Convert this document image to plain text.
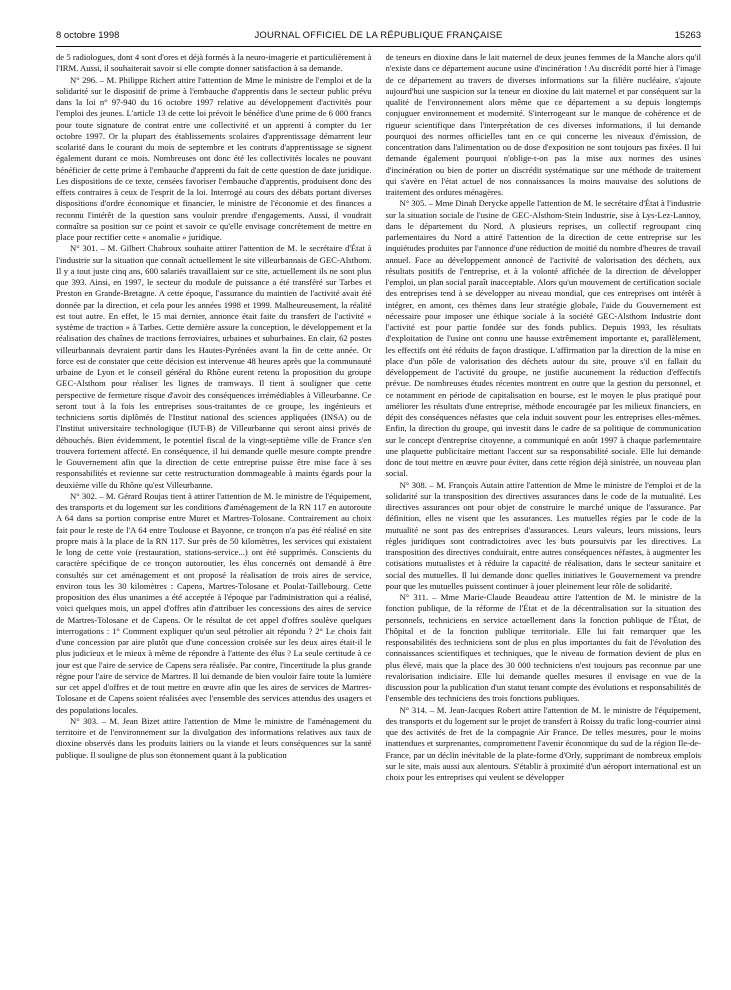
8 octobre 1998	JOURNAL OFFICIEL DE LA RÉPUBLIQUE FRANÇAISE	15263

de 5 radiologues, dont 4 sont d'ores et déjà formés à la neuro-imagerie et particulièrement à l'IRM. Aussi, il souhaiterait savoir si elle compte donner satisfaction à sa demande.

N° 296. – M. Philippe Richert attire l'attention de Mme le ministre de l'emploi et de la solidarité sur le dispositif de prime à l'embauche d'apprentis dans le secteur public prévu dans la loi n° 97-940 du 16 octobre 1997 relative au développement d'activités pour l'emploi des jeunes. L'article 13 de cette loi prévoit le bénéfice d'une prime de 6 000 francs pour toute signature de contrat entre une collectivité et un apprenti à compter du 1er octobre 1997. Or la plupart des établissements scolaires d'apprentissage démarrent leur scolarité dans le courant du mois de septembre et les contrats d'apprentissage se signent également durant ce mois. Nombreuses ont donc été les collectivités locales ne pouvant bénéficier de cette prime à l'embauche d'apprenti du fait de cette question de date juridique. Les dispositions de ce texte, censées favoriser l'embauche d'apprentis, produisent donc des effets contraires à ceux de l'esprit de la loi. Interrogé au cours des débats portant diverses dispositions d'ordre économique et financier, le ministre de l'économie et des finances a reconnu l'intérêt de la question sans vouloir prendre d'engagements. Aussi, il voudrait connaître sa position sur ce point et savoir ce qu'elle envisage concrètement de mettre en place pour rectifier cette « anomalie » juridique.

N° 301. – M. Gilbert Chabroux souhaite attirer l'attention de M. le secrétaire d'État à l'industrie sur la situation que connaît actuellement le site villeurbannais de GEC-Alsthom. Il y a tout juste cinq ans, 600 salariés travaillaient sur ce site, actuellement ils ne sont plus que 393. Ainsi, en 1997, le secteur du module de puissance a été transféré sur Tarbes et Preston en Grande-Bretagne. A cette époque, l'assurance du maintien de l'activité avait été donnée par la direction, et cela pour les années 1998 et 1999. Malheureusement, la réalité est tout autre. En effet, le 15 mai dernier, annonce était faite du transfert de l'activité « système de traction » à Tarbes. Cette dernière assure la conception, le développement et la réalisation des chaînes de tractions ferroviaires, urbaines et suburbaines. En clair, 62 postes villeurbannais devraient partir dans les Hautes-Pyrénées avant la fin de cette année. Or force est de constater que cette décision est intervenue 48 heures après que la communauté urbaine de Lyon et le conseil général du Rhône eurent retenu la proposition du groupe GEC-Alsthom pour réaliser les lignes de tramways. Il tient à souligner que cette perspective de fermeture risque d'avoir des conséquences irrémédiables à Villeurbanne. Ce seront tout à la fois les entreprises sous-traitantes de ce groupe, les ingénieurs et techniciens sortis diplômés de l'Institut national des sciences appliquées (INSA) ou de l'Institut universitaire technologique (IUT-B) de Villeurbanne qui seront ainsi privés de débouchés. Bien évidemment, le potentiel fiscal de la vingt-septième ville de France s'en trouvera fortement affecté. En conséquence, il lui demande quelle mesure compte prendre le Gouvernement afin que la direction de cette entreprise puisse être mise face à ses responsabilités et revienne sur cette restructuration dommageable à maints égards pour la deuxième ville du Rhône qu'est Villeurbanne.

N° 302. – M. Gérard Roujas tient à attirer l'attention de M. le ministre de l'équipement, des transports et du logement sur les conditions d'aménagement de la RN 117 en autoroute A 64 dans sa portion comprise entre Muret et Martres-Tolosane. Contrairement au choix fait pour le reste de l'A 64 entre Toulouse et Bayonne, ce tronçon n'a pas été réalisé en site propre mais à la place de la RN 117. Sur près de 50 kilomètres, les services qui existaient le long de cette voie (restauration, stations-service...) ont été supprimés. Conscients du caractère spécifique de ce tronçon autoroutier, les élus concernés ont demandé à être consultés sur cet aménagement et ont proposé la réalisation de trois aires de service, environ tous les 30 kilomètres : Capens, Martres-Tolosane et Poulat-Taillebourg. Cette proposition des élus unanimes a été acceptée à l'époque par l'administration qui a réalisé, voici quelques mois, un appel d'offres afin d'attribuer les concessions des aires de service de Martres-Tolosane et de Capens. Or le résultat de cet appel d'offres soulève quelques interrogations : 1° Comment expliquer qu'un seul pétrolier ait répondu ? 2° Le choix fait d'une concession par aire plutôt que d'une concession croisée sur les deux aires était-il le plus judicieux et le mieux à même de répondre à l'attente des élus ? La seule certitude à ce jour est que l'aire de service de Capens sera réalisée. Par contre, l'incertitude la plus grande règne pour l'aire de service de Martres. Il lui demande de bien vouloir faire toute la lumière sur cet appel d'offres et de tout mettre en œuvre afin que les aires de services de Martres-Tolosane et de Capens soient réalisées avec l'ensemble des services attendus des usagers et des populations locales.

N° 303. – M. Jean Bizet attire l'attention de Mme le ministre de l'aménagement du territoire et de l'environnement sur la divulgation des informations relatives aux taux de dioxine observés dans les produits laitiers ou la viande et leurs conséquences sur la santé publique. Il souligne de plus son étonnement quant à la publication

de teneurs en dioxine dans le lait maternel de deux jeunes femmes de la Manche alors qu'il n'existe dans ce département aucune usine d'incinération ! Au discrédit porté hier à l'image de ce département au travers de diverses informations sur la filière nucléaire, s'ajoute aujourd'hui une suspicion sur la teneur en dioxine du lait maternel et par conséquent sur la qualité de l'environnement alors même que ce département a su depuis longtemps conjuguer environnement et modernité. S'interrogeant sur le manque de cohérence et de rigueur scientifique dans l'interprétation de ces diverses informations, il lui demande pourquoi des normes officielles tant en ce qui concerne les niveaux d'émission, de concentration dans l'alimentation ou de dose d'exposition ne sont toujours pas fixées. Il lui demande également pourquoi n'oblige-t-on pas la mise aux normes des usines d'incinération ou bien de porter un discrédit systématique sur une méthode de traitement qui s'avère en l'état actuel de nos connaissances la moins mauvaise des solutions de traitement des ordures ménagères.

N° 305. – Mme Dinah Derycke appelle l'attention de M. le secrétaire d'État à l'industrie sur la situation sociale de l'usine de GEC-Alsthom-Stein Industrie, sise à Lys-Lez-Lannoy, dans le département du Nord. A plusieurs reprises, un collectif regroupant cinq parlementaires du Nord a attiré l'attention de la direction de cette entreprise sur les inquiétudes produites par l'annonce d'une réduction de moitié du nombre d'heures de travail annuel. Face au développement annoncé de l'activité de valorisation des déchets, aux résultats positifs de l'entreprise, et à la volonté affichée de la direction de développer l'emploi, un plan social paraît inacceptable. Alors qu'un mouvement de certification sociale des entreprises tend à se développer au niveau mondial, que ces entreprises ont intérêt à intégrer, en amont, ces thèmes dans leur stratégie globale, l'aide du Gouvernement est nécessaire pour imposer une éthique sociale à la société GEC-Alsthom Industrie dont l'activité est pour partie fondée sur des fonds publics. Depuis 1993, les résultats d'exploitation de l'usine ont connu une hausse extrêmement importante et, parallèlement, les effectifs ont été réduits de façon drastique. L'affirmation par la direction de la mise en place d'un pôle de valorisation des déchets autour du site, prouve s'il en fallait du développement de l'activité du groupe, ne justifie aucunement la réduction d'effectifs prévue. De nombreuses études récentes montrent en outre que la gestion du personnel, et ce notamment en période de capitalisation en bourse, est le moyen le plus pratiqué pour améliorer les résultats d'une entreprise, méthode encouragée par les milieux financiers, en dépit des conséquences néfastes que cela induit souvent pour les entreprises elles-mêmes. Enfin, la direction du groupe, qui investit dans le cadre de sa politique de communication sur le concept d'entreprise citoyenne, a communiqué en août 1997 à chaque parlementaire une plaquette publicitaire mettant l'accent sur sa responsabilité sociale. Elle lui demande donc de tout mettre en œuvre pour éviter, dans cette région déjà sinistrée, un nouveau plan social.

N° 308. – M. François Autain attire l'attention de Mme le ministre de l'emploi et de la solidarité sur la transposition des directives assurances dans le code de la mutualité. Les directives assurances ont pour objet de construire le marché unique de l'assurance. Par définition, elles ne visent que les assurances. Les mutuelles régies par le code de la mutualité ne sont pas des entreprises d'assurances. Leurs valeurs, leurs missions, leurs règles juridiques sont contradictoires avec les buts poursuivis par les directives. La transposition des directives conduirait, entre autres conséquences néfastes, à augmenter les cotisations mutualistes et à réduire la capacité de réalisation, dans le secteur sanitaire et social des mutuelles. Il lui demande donc quelles initiatives le Gouvernement va prendre pour que les mutuelles puissent continuer à jouer pleinement leur rôle de solidarité.

N° 311. – Mme Marie-Claude Beaudeau attire l'attention de M. le ministre de la fonction publique, de la réforme de l'État et de la décentralisation sur la situation des personnels, techniciens en service actuellement dans la fonction publique de l'État, de l'hôpital et de la fonction publique territoriale. Elle lui fait remarquer que les responsabilités des techniciens sont de plus en plus importantes du fait de l'évolution des connaissances scientifiques et techniques, que le niveau de formation devient de plus en plus élevé, mais que la place des 30 000 techniciens n'est toujours pas reconnue par une revalorisation indiciaire. Elle lui demande quelles mesures il envisage en vue de la discussion pour la publication d'un statut tenant compte des évolutions et responsabilités de l'ensemble des techniciens des trois fonctions publiques.

N° 314. – M. Jean-Jacques Robert attire l'attention de M. le ministre de l'équipement, des transports et du logement sur le projet de transfert à Roissy du trafic long-courrier ainsi que des activités de fret de la compagnie Air France. De telles mesures, pour le moins inattendues et surprenantes, compromettent l'avenir économique du sud de la région Ile-de-France, par un déclin inévitable de la plate-forme d'Orly, supprimant de nombreux emplois sur le site, mais aussi aux alentours. S'établir à proximité d'un aéroport international est un choix pour les entreprises qui veulent se développer
